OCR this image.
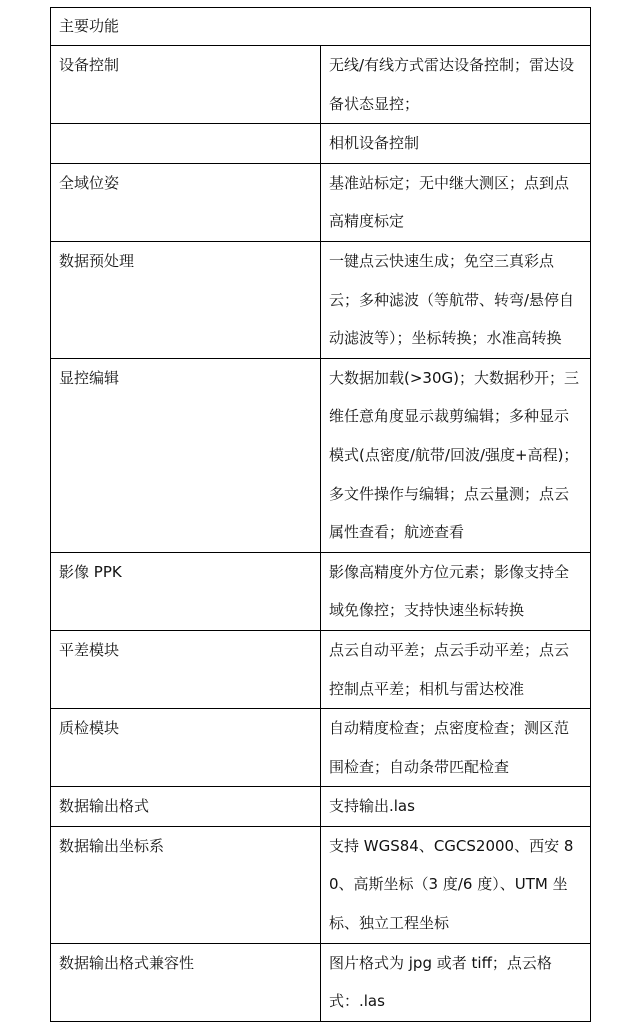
主要功能	
设备控制	无线/有线方式雷达设备控制；雷达设备状态显控；
	相机设备控制
全域位姿	基准站标定；无中继大测区；点到点高精度标定
数据预处理	一键点云快速生成；免空三真彩点云；多种滤波（等航带、转弯/悬停自动滤波等）；坐标转换；水准高转换
显控编辑	大数据加载(>30G)；大数据秒开；三维任意角度显示裁剪编辑；多种显示模式(点密度/航带/回波/强度+高程)；多文件操作与编辑；点云量测；点云属性查看；航迹查看
影像 PPK	影像高精度外方位元素；影像支持全域免像控；支持快速坐标转换
平差模块	点云自动平差；点云手动平差；点云控制点平差；相机与雷达校准
质检模块	自动精度检查；点密度检查；测区范围检查；自动条带匹配检查
数据输出格式	支持输出.las
数据输出坐标系	支持 WGS84、CGCS2000、西安 80、高斯坐标（3 度/6 度）、UTM 坐标、独立工程坐标
数据输出格式兼容性	图片格式为 jpg 或者 tiff；点云格式：.las
